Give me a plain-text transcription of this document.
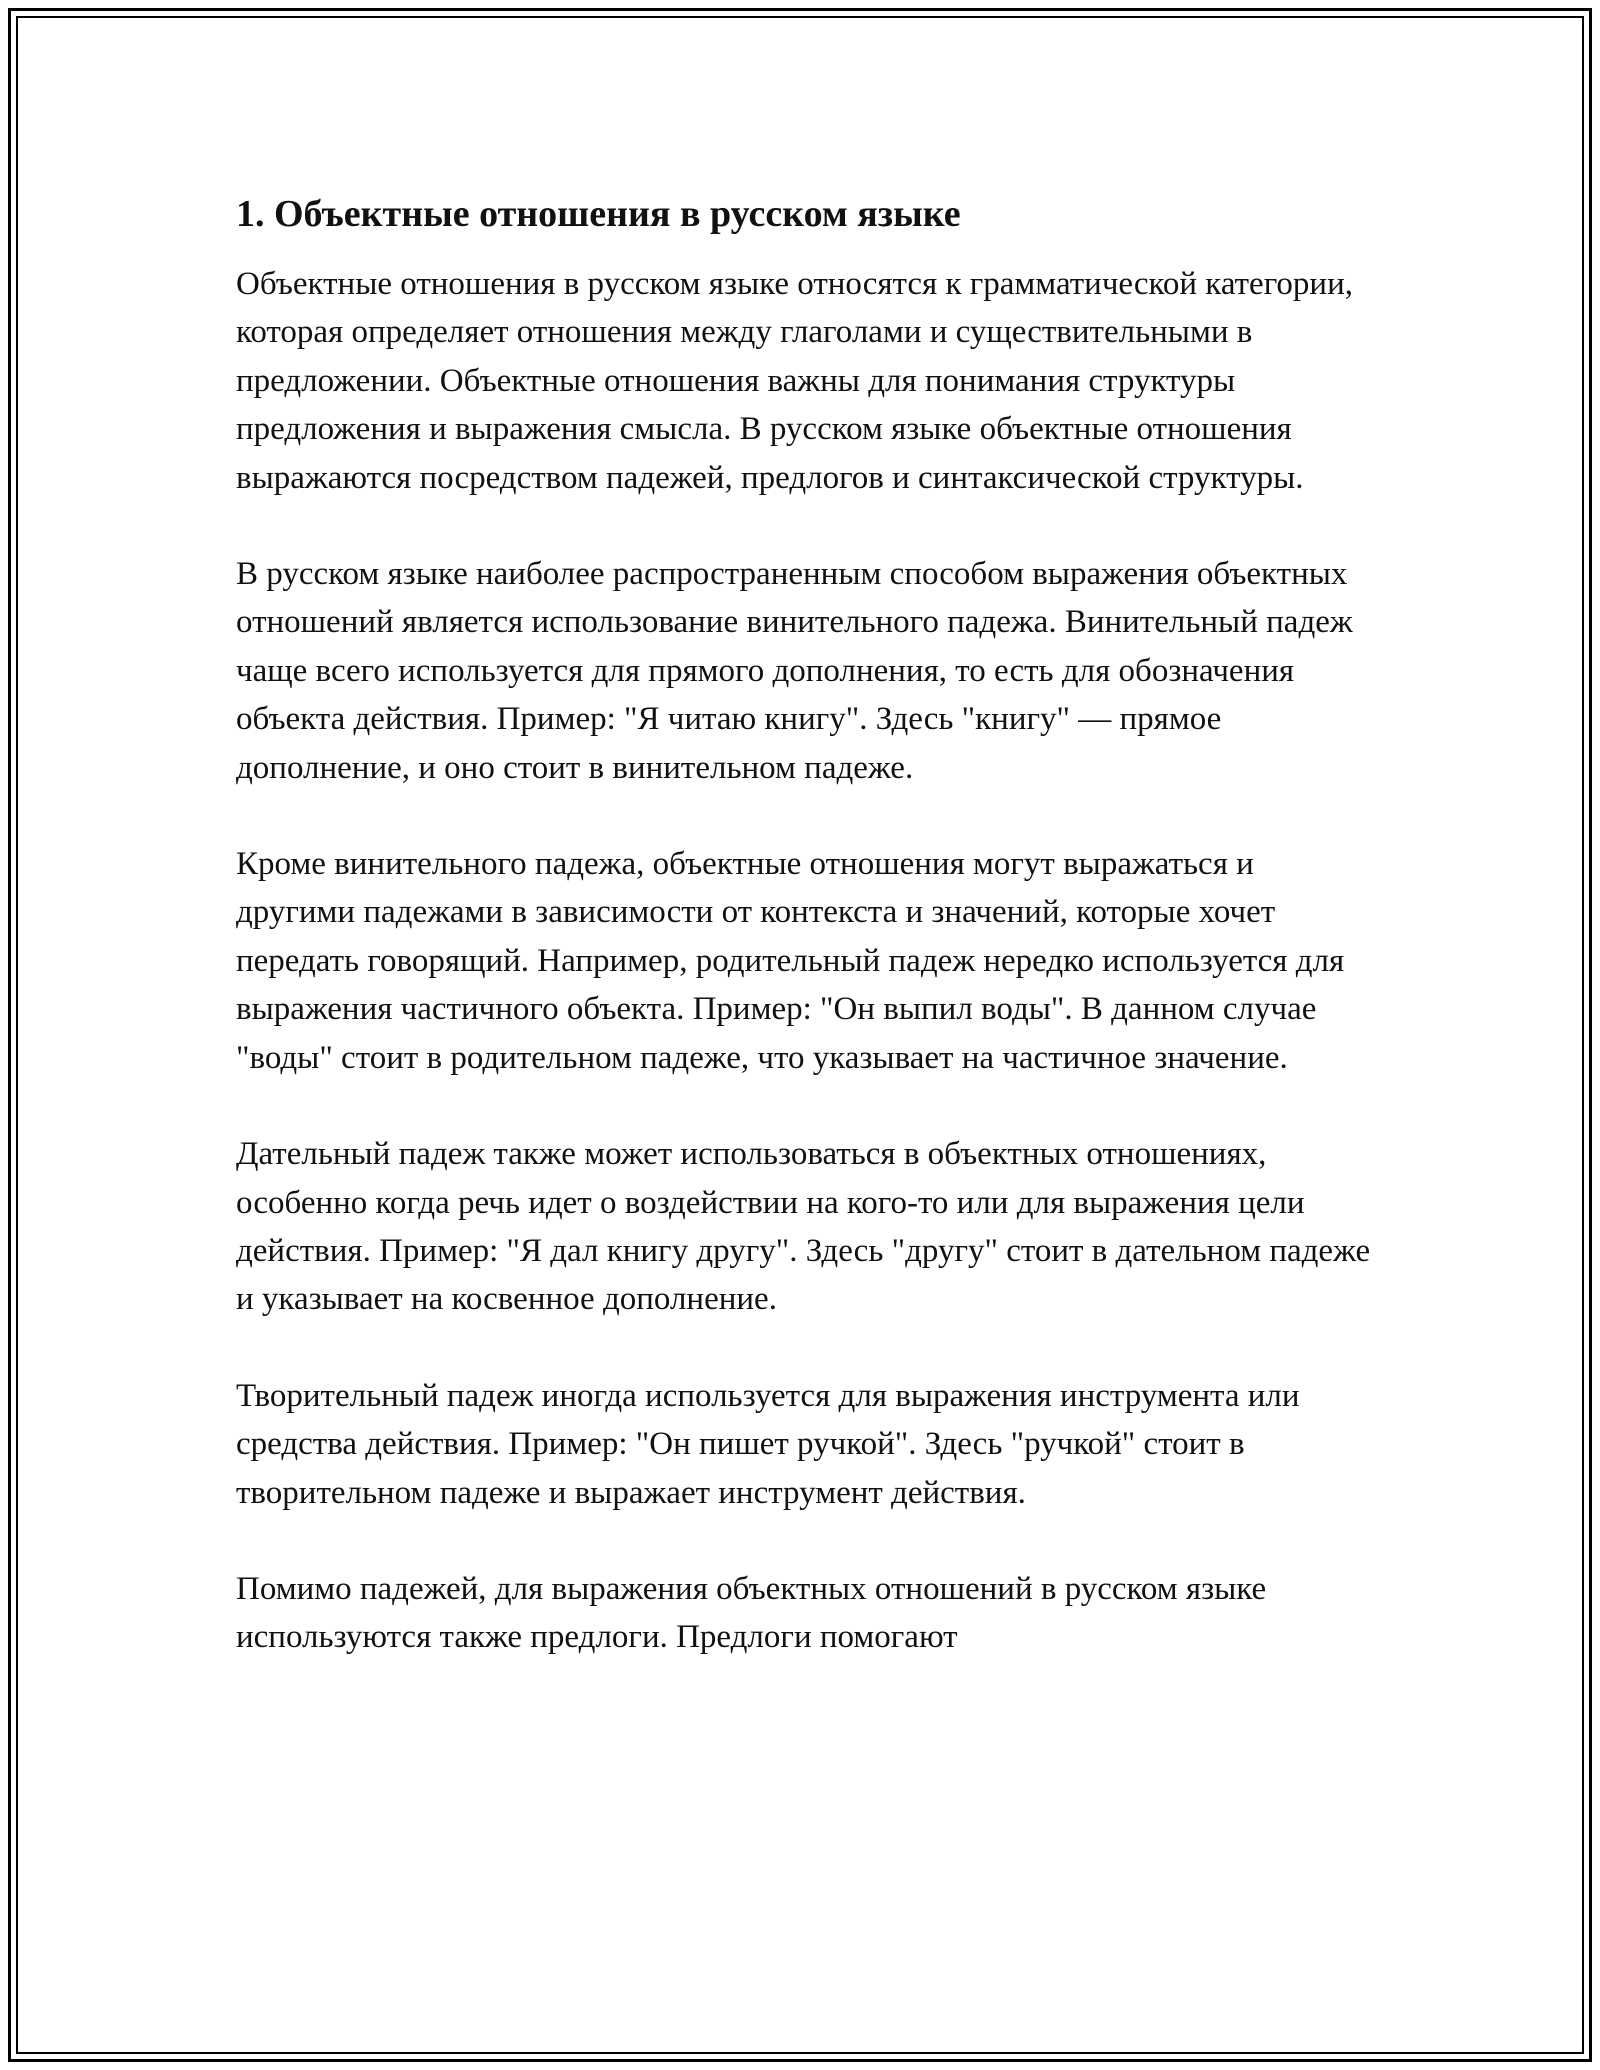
1. Объектные отношения в русском языке

Объектные отношения в русском языке относятся к грамматической категории, которая определяет отношения между глаголами и существительными в предложении. Объектные отношения важны для понимания структуры предложения и выражения смысла. В русском языке объектные отношения выражаются посредством падежей, предлогов и синтаксической структуры.

В русском языке наиболее распространенным способом выражения объектных отношений является использование винительного падежа. Винительный падеж чаще всего используется для прямого дополнения, то есть для обозначения объекта действия. Пример: "Я читаю книгу". Здесь "книгу" — прямое дополнение, и оно стоит в винительном падеже.

Кроме винительного падежа, объектные отношения могут выражаться и другими падежами в зависимости от контекста и значений, которые хочет передать говорящий. Например, родительный падеж нередко используется для выражения частичного объекта. Пример: "Он выпил воды". В данном случае "воды" стоит в родительном падеже, что указывает на частичное значение.

Дательный падеж также может использоваться в объектных отношениях, особенно когда речь идет о воздействии на кого-то или для выражения цели действия. Пример: "Я дал книгу другу". Здесь "другу" стоит в дательном падеже и указывает на косвенное дополнение.

Творительный падеж иногда используется для выражения инструмента или средства действия. Пример: "Он пишет ручкой". Здесь "ручкой" стоит в творительном падеже и выражает инструмент действия.

Помимо падежей, для выражения объектных отношений в русском языке используются также предлоги. Предлоги помогают
